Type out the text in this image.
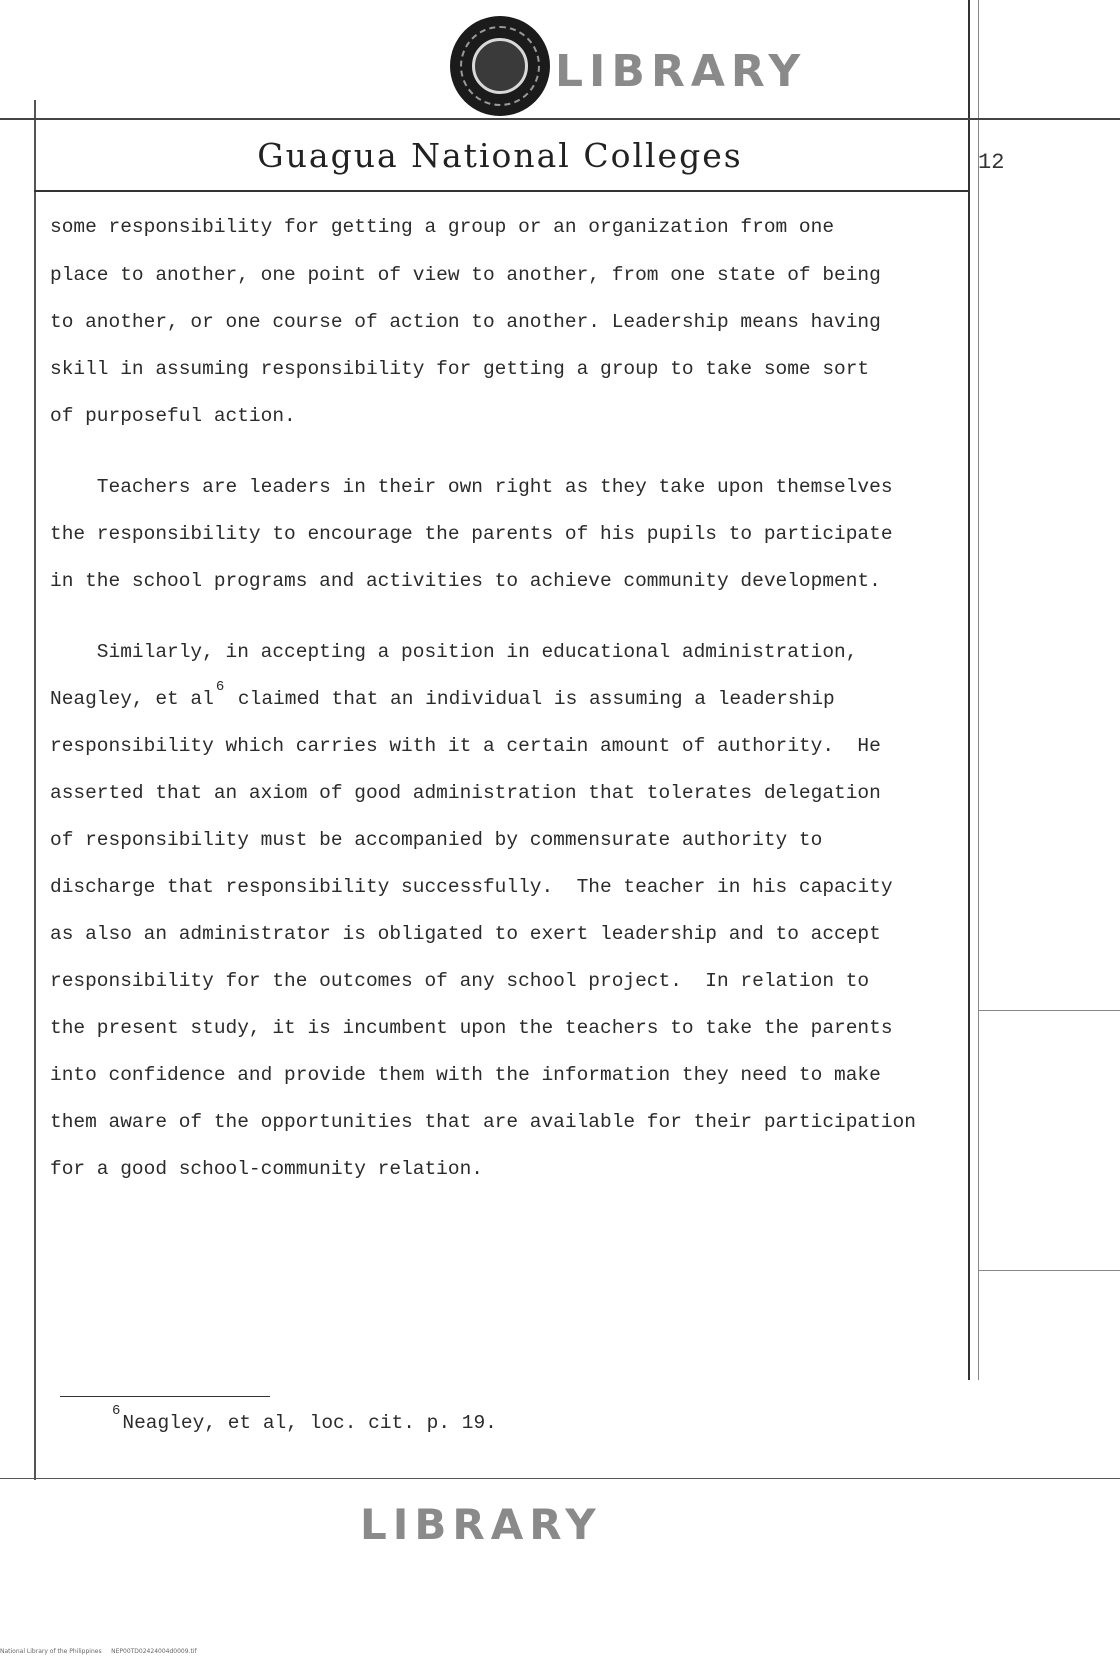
LIBRARY
LIBRARY
Guagua National Colleges	12
some responsibility for getting a group or an organization from one
place to another, one point of view to another, from one state of being
to another, or one course of action to another. Leadership means having
skill in assuming responsibility for getting a group to take some sort
of purposeful action.
Teachers are leaders in their own right as they take upon themselves
the responsibility to encourage the parents of his pupils to participate
in the school programs and activities to achieve community development.
Similarly, in accepting a position in educational administration,
Neagley, et $al^6$ claimed that an individual is assuming a leadership
responsibility which carries with it a certain amount of authority.  He
asserted that an axiom of good administration that tolerates delegation
of responsibility must be accompanied by commensurate authority to
discharge that responsibility successfully.  The teacher in his capacity
as also an administrator is obligated to exert leadership and to accept
responsibility for the outcomes of any school project.  In relation to
the present study, it is incumbent upon the teachers to take the parents
into confidence and provide them with the information they need to make
them aware of the opportunities that are available for their participation
for a good school-community relation.
$^6$Neagley, et al, loc. cit. p. 19.
National Library of the Philippines     NEP00TD02424004d0009.tif
